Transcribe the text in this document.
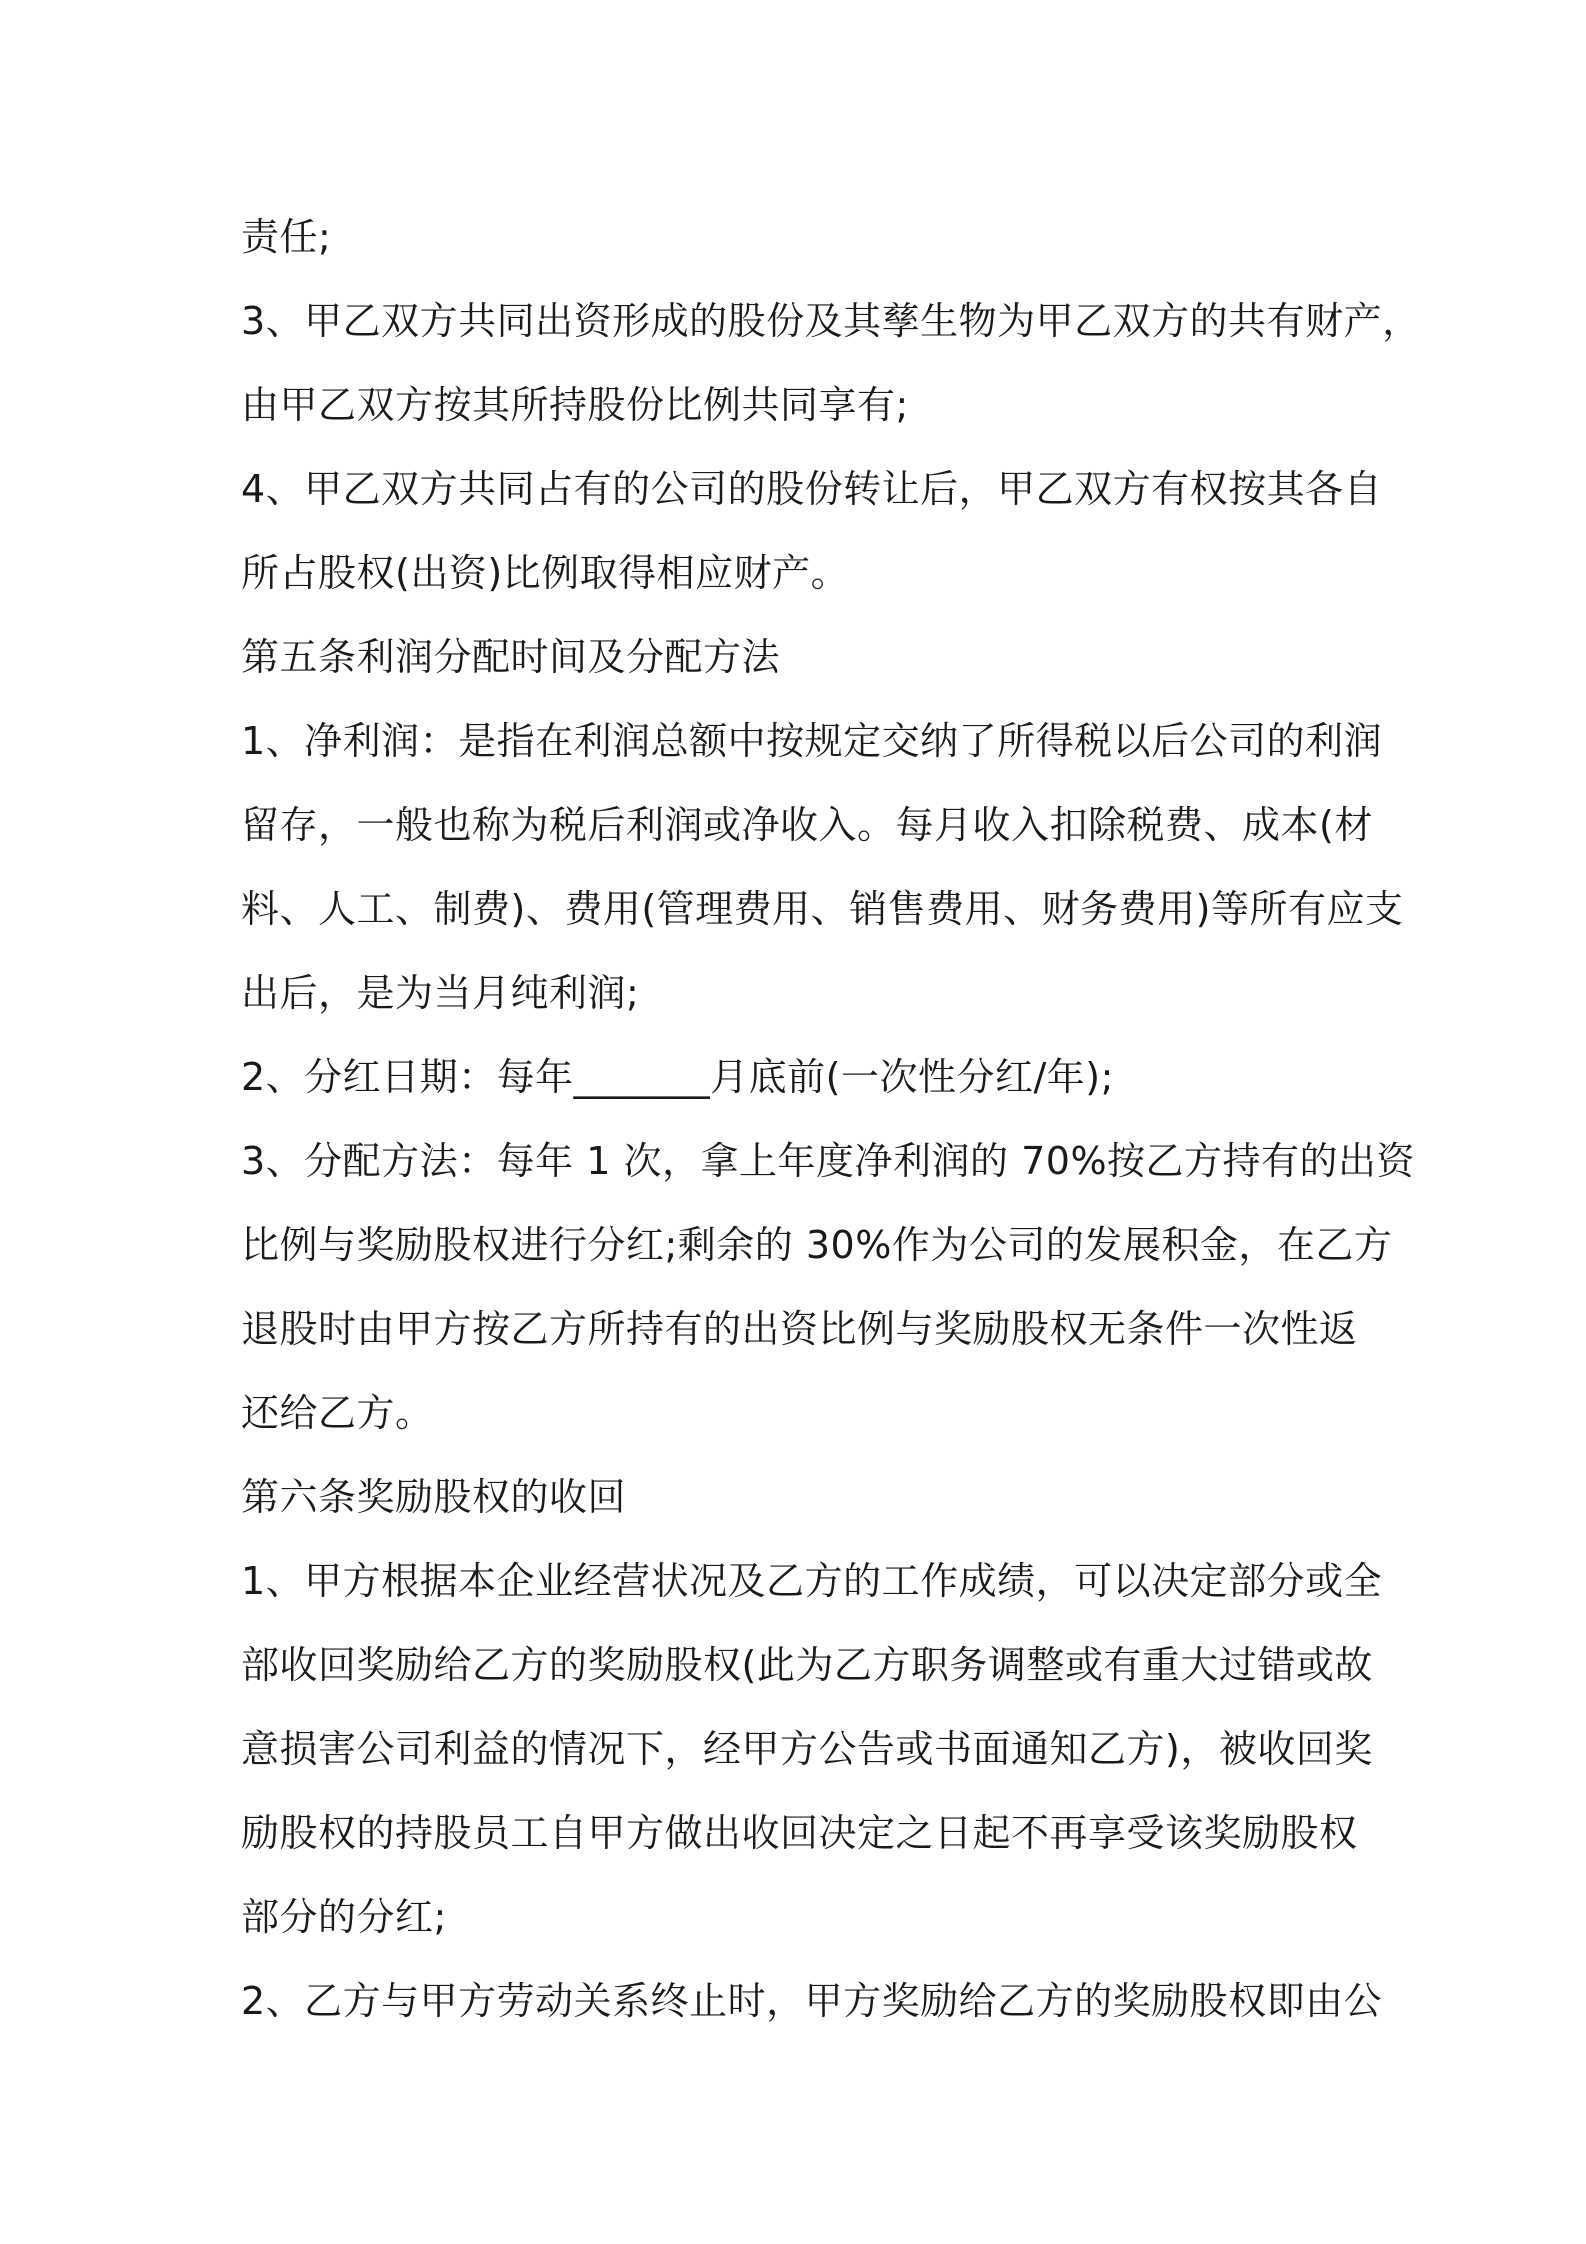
责任;
3、甲乙双方共同出资形成的股份及其孳生物为甲乙双方的共有财产，
由甲乙双方按其所持股份比例共同享有;
4、甲乙双方共同占有的公司的股份转让后，甲乙双方有权按其各自
所占股权(出资)比例取得相应财产。
第五条利润分配时间及分配方法
1、净利润：是指在利润总额中按规定交纳了所得税以后公司的利润
留存，一般也称为税后利润或净收入。每月收入扣除税费、成本(材
料、人工、制费)、费用(管理费用、销售费用、财务费用)等所有应支
出后，是为当月纯利润;
2、分红日期：每年_______月底前(一次性分红/年);
3、分配方法：每年 1 次，拿上年度净利润的 70%按乙方持有的出资
比例与奖励股权进行分红;剩余的 30%作为公司的发展积金，在乙方
退股时由甲方按乙方所持有的出资比例与奖励股权无条件一次性返
还给乙方。
第六条奖励股权的收回
1、甲方根据本企业经营状况及乙方的工作成绩，可以决定部分或全
部收回奖励给乙方的奖励股权(此为乙方职务调整或有重大过错或故
意损害公司利益的情况下，经甲方公告或书面通知乙方)，被收回奖
励股权的持股员工自甲方做出收回决定之日起不再享受该奖励股权
部分的分红;
2、乙方与甲方劳动关系终止时，甲方奖励给乙方的奖励股权即由公
